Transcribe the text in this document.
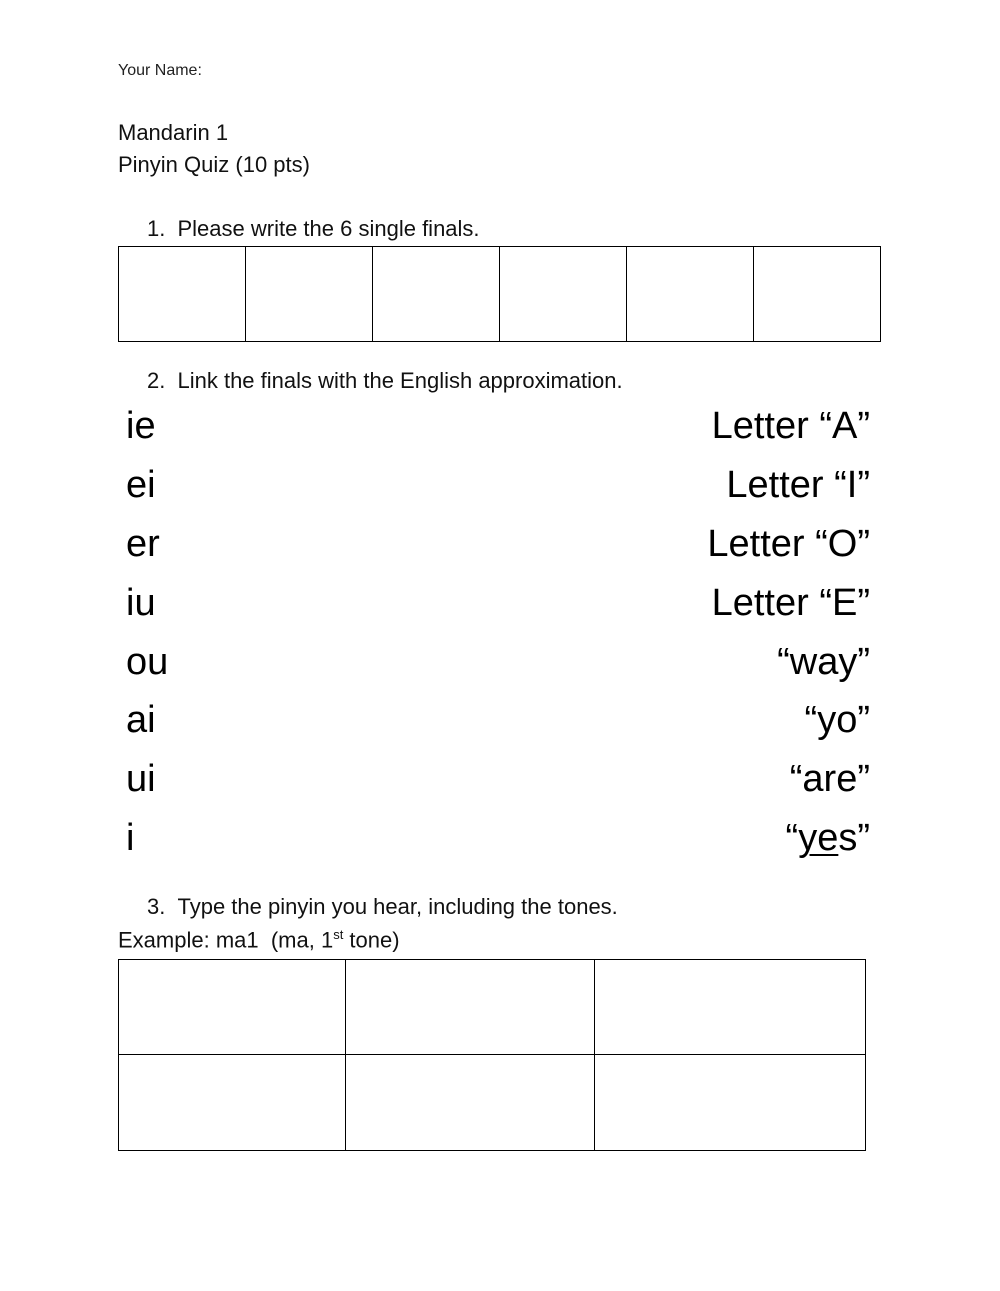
Your Name:
Mandarin 1
Pinyin Quiz (10 pts)
1. Please write the 6 single finals.
2. Link the finals with the English approximation.
ie
ei
er
iu
ou
ai
ui
i
Letter “A”
Letter “I”
Letter “O”
Letter “E”
“way”
“yo”
“are”
“yes”
3. Type the pinyin you hear, including the tones.
Example: ma1  (ma, 1st tone)
